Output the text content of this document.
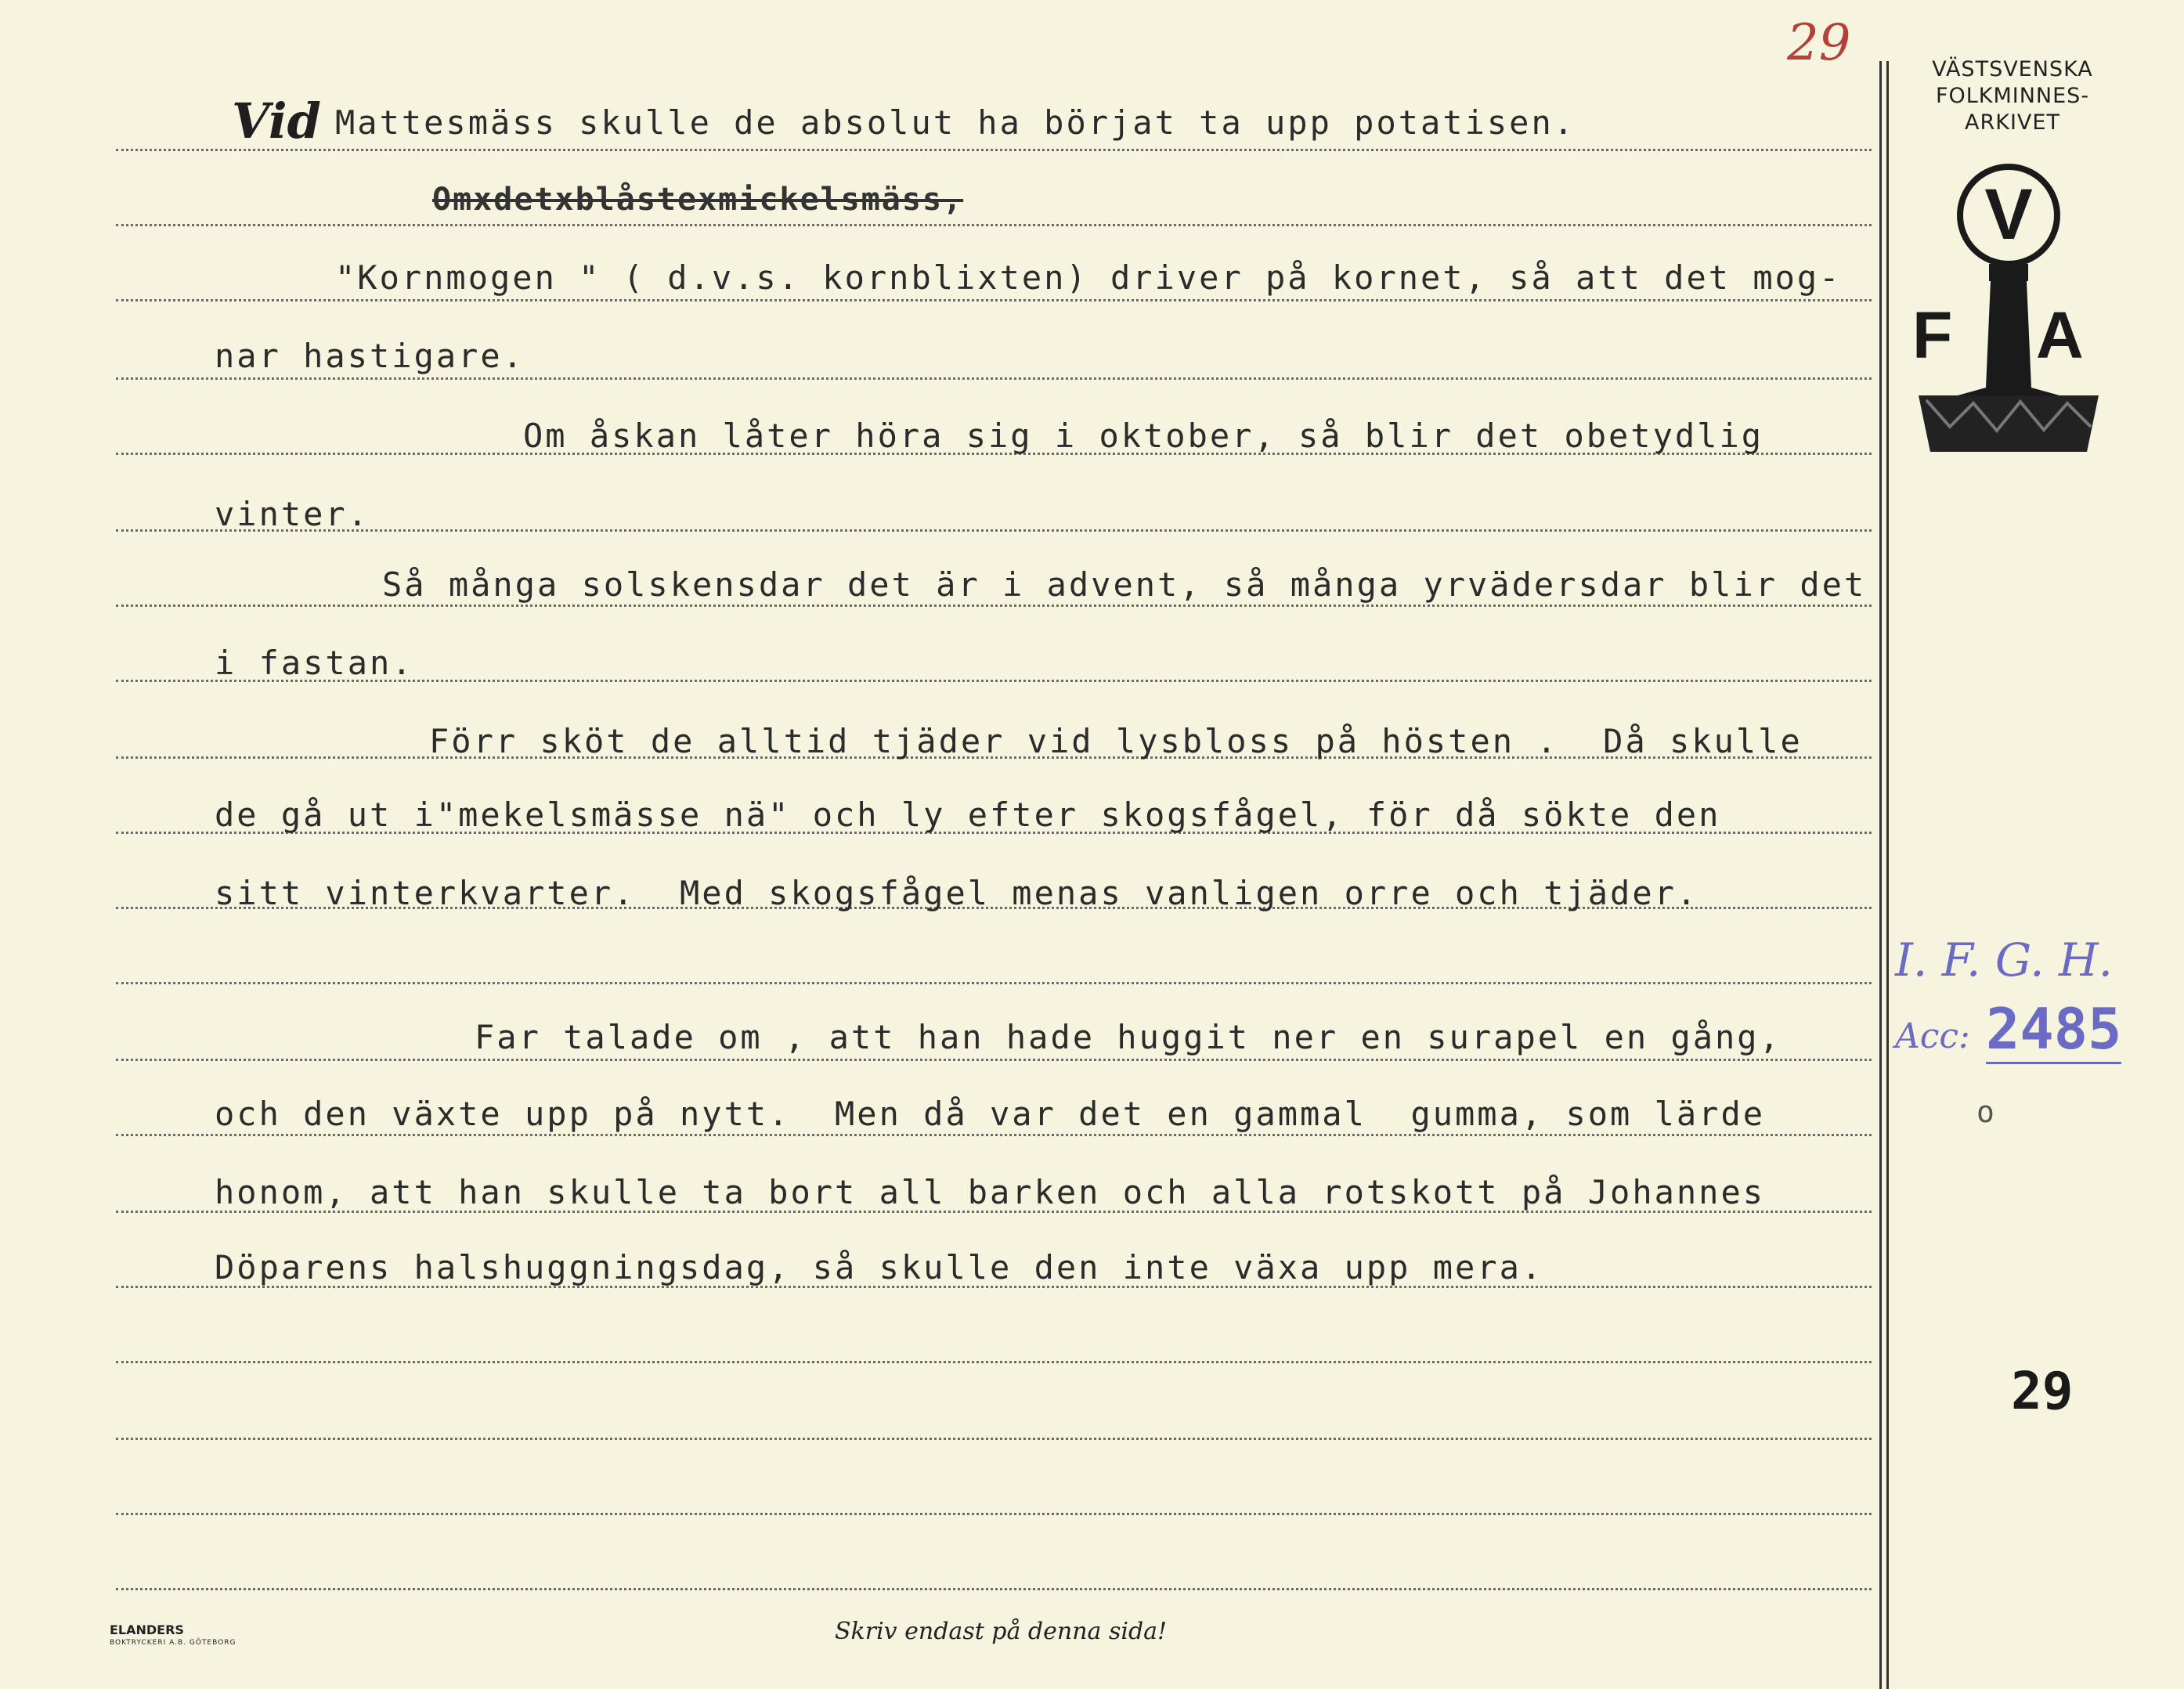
29	VÄSTSVENSKA
FOLKMINNES-
ARKIVET
V
F A
Vid Mattesmäss skulle de absolut ha börjat ta upp potatisen.
Omxdetxblåstexmickelsmäss,
"Kornmogen " ( d.v.s. kornblixten) driver på kornet, så att det mog-
nar hastigare.
Om åskan låter höra sig i oktober, så blir det obetydlig
vinter.
Så många solskensdar det är i advent, så många yrvädersdar blir det
i fastan.
Förr sköt de alltid tjäder vid lysbloss på hösten .  Då skulle
de gå ut i"mekelsmässe nä" och ly efter skogsfågel, för då sökte den
sitt vinterkvarter.  Med skogsfågel menas vanligen orre och tjäder.
Far talade om , att han hade huggit ner en surapel en gång,
och den växte upp på nytt.  Men då var det en gammal  gumma, som lärde
honom, att han skulle ta bort all barken och alla rotskott på Johannes
Döparens halshuggningsdag, så skulle den inte växa upp mera.
o
I. F. G. H.
Acc: 2485
29
ELANDERS
BOKTRYCKERI A.B. GÖTEBORG	Skriv endast på denna sida!
